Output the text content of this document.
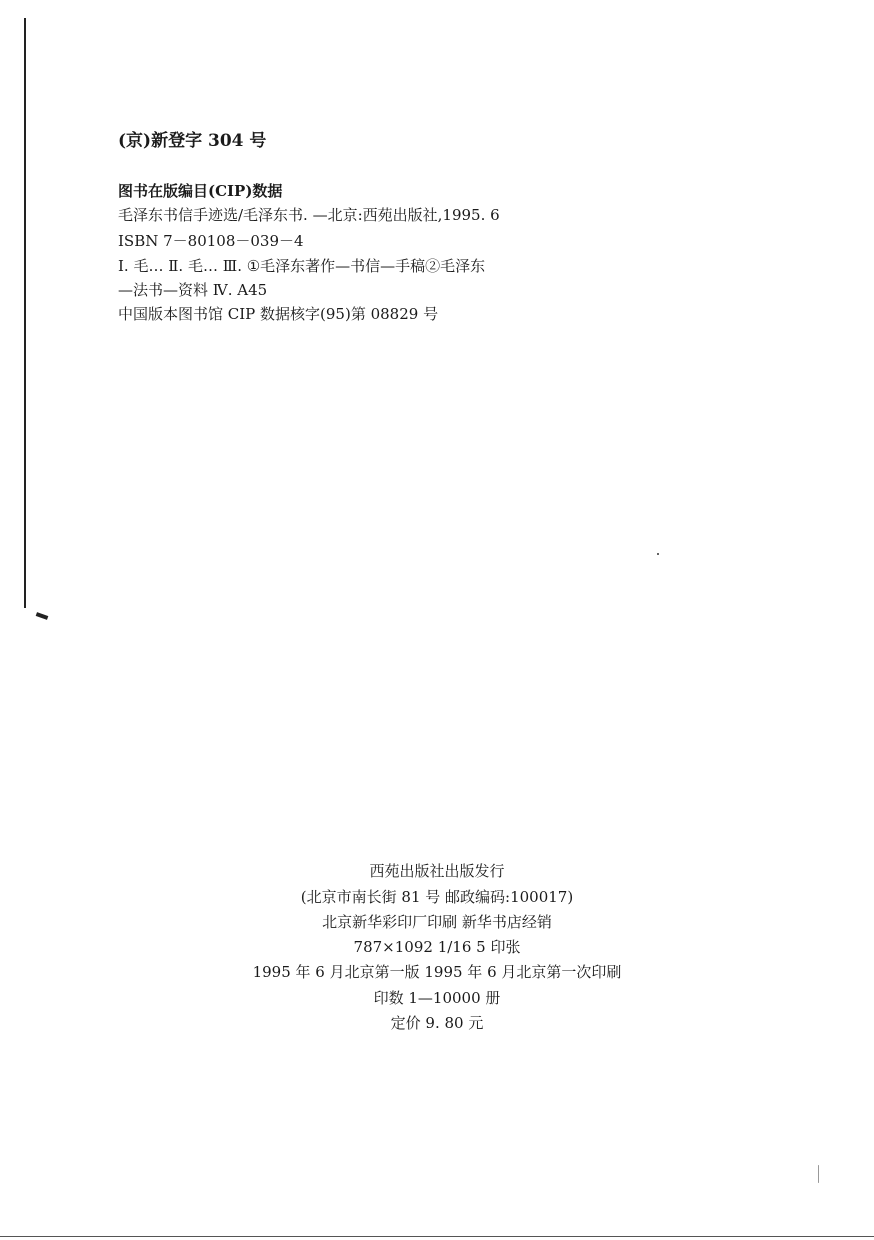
(京)新登字 304 号
图书在版编目(CIP)数据
毛泽东书信手迹选/毛泽东书. —北京:西苑出版社,1995. 6
ISBN 7－80108－039－4
Ⅰ. 毛… Ⅱ. 毛… Ⅲ. ①毛泽东著作—书信—手稿②毛泽东
—法书—资料 Ⅳ. A45
中国版本图书馆 CIP 数据核字(95)第 08829 号
西苑出版社出版发行
(北京市南长街 81 号 邮政编码:100017)
北京新华彩印厂印刷 新华书店经销
787×1092 1/16 5 印张
1995 年 6 月北京第一版 1995 年 6 月北京第一次印刷
印数 1—10000 册
定价 9. 80 元
